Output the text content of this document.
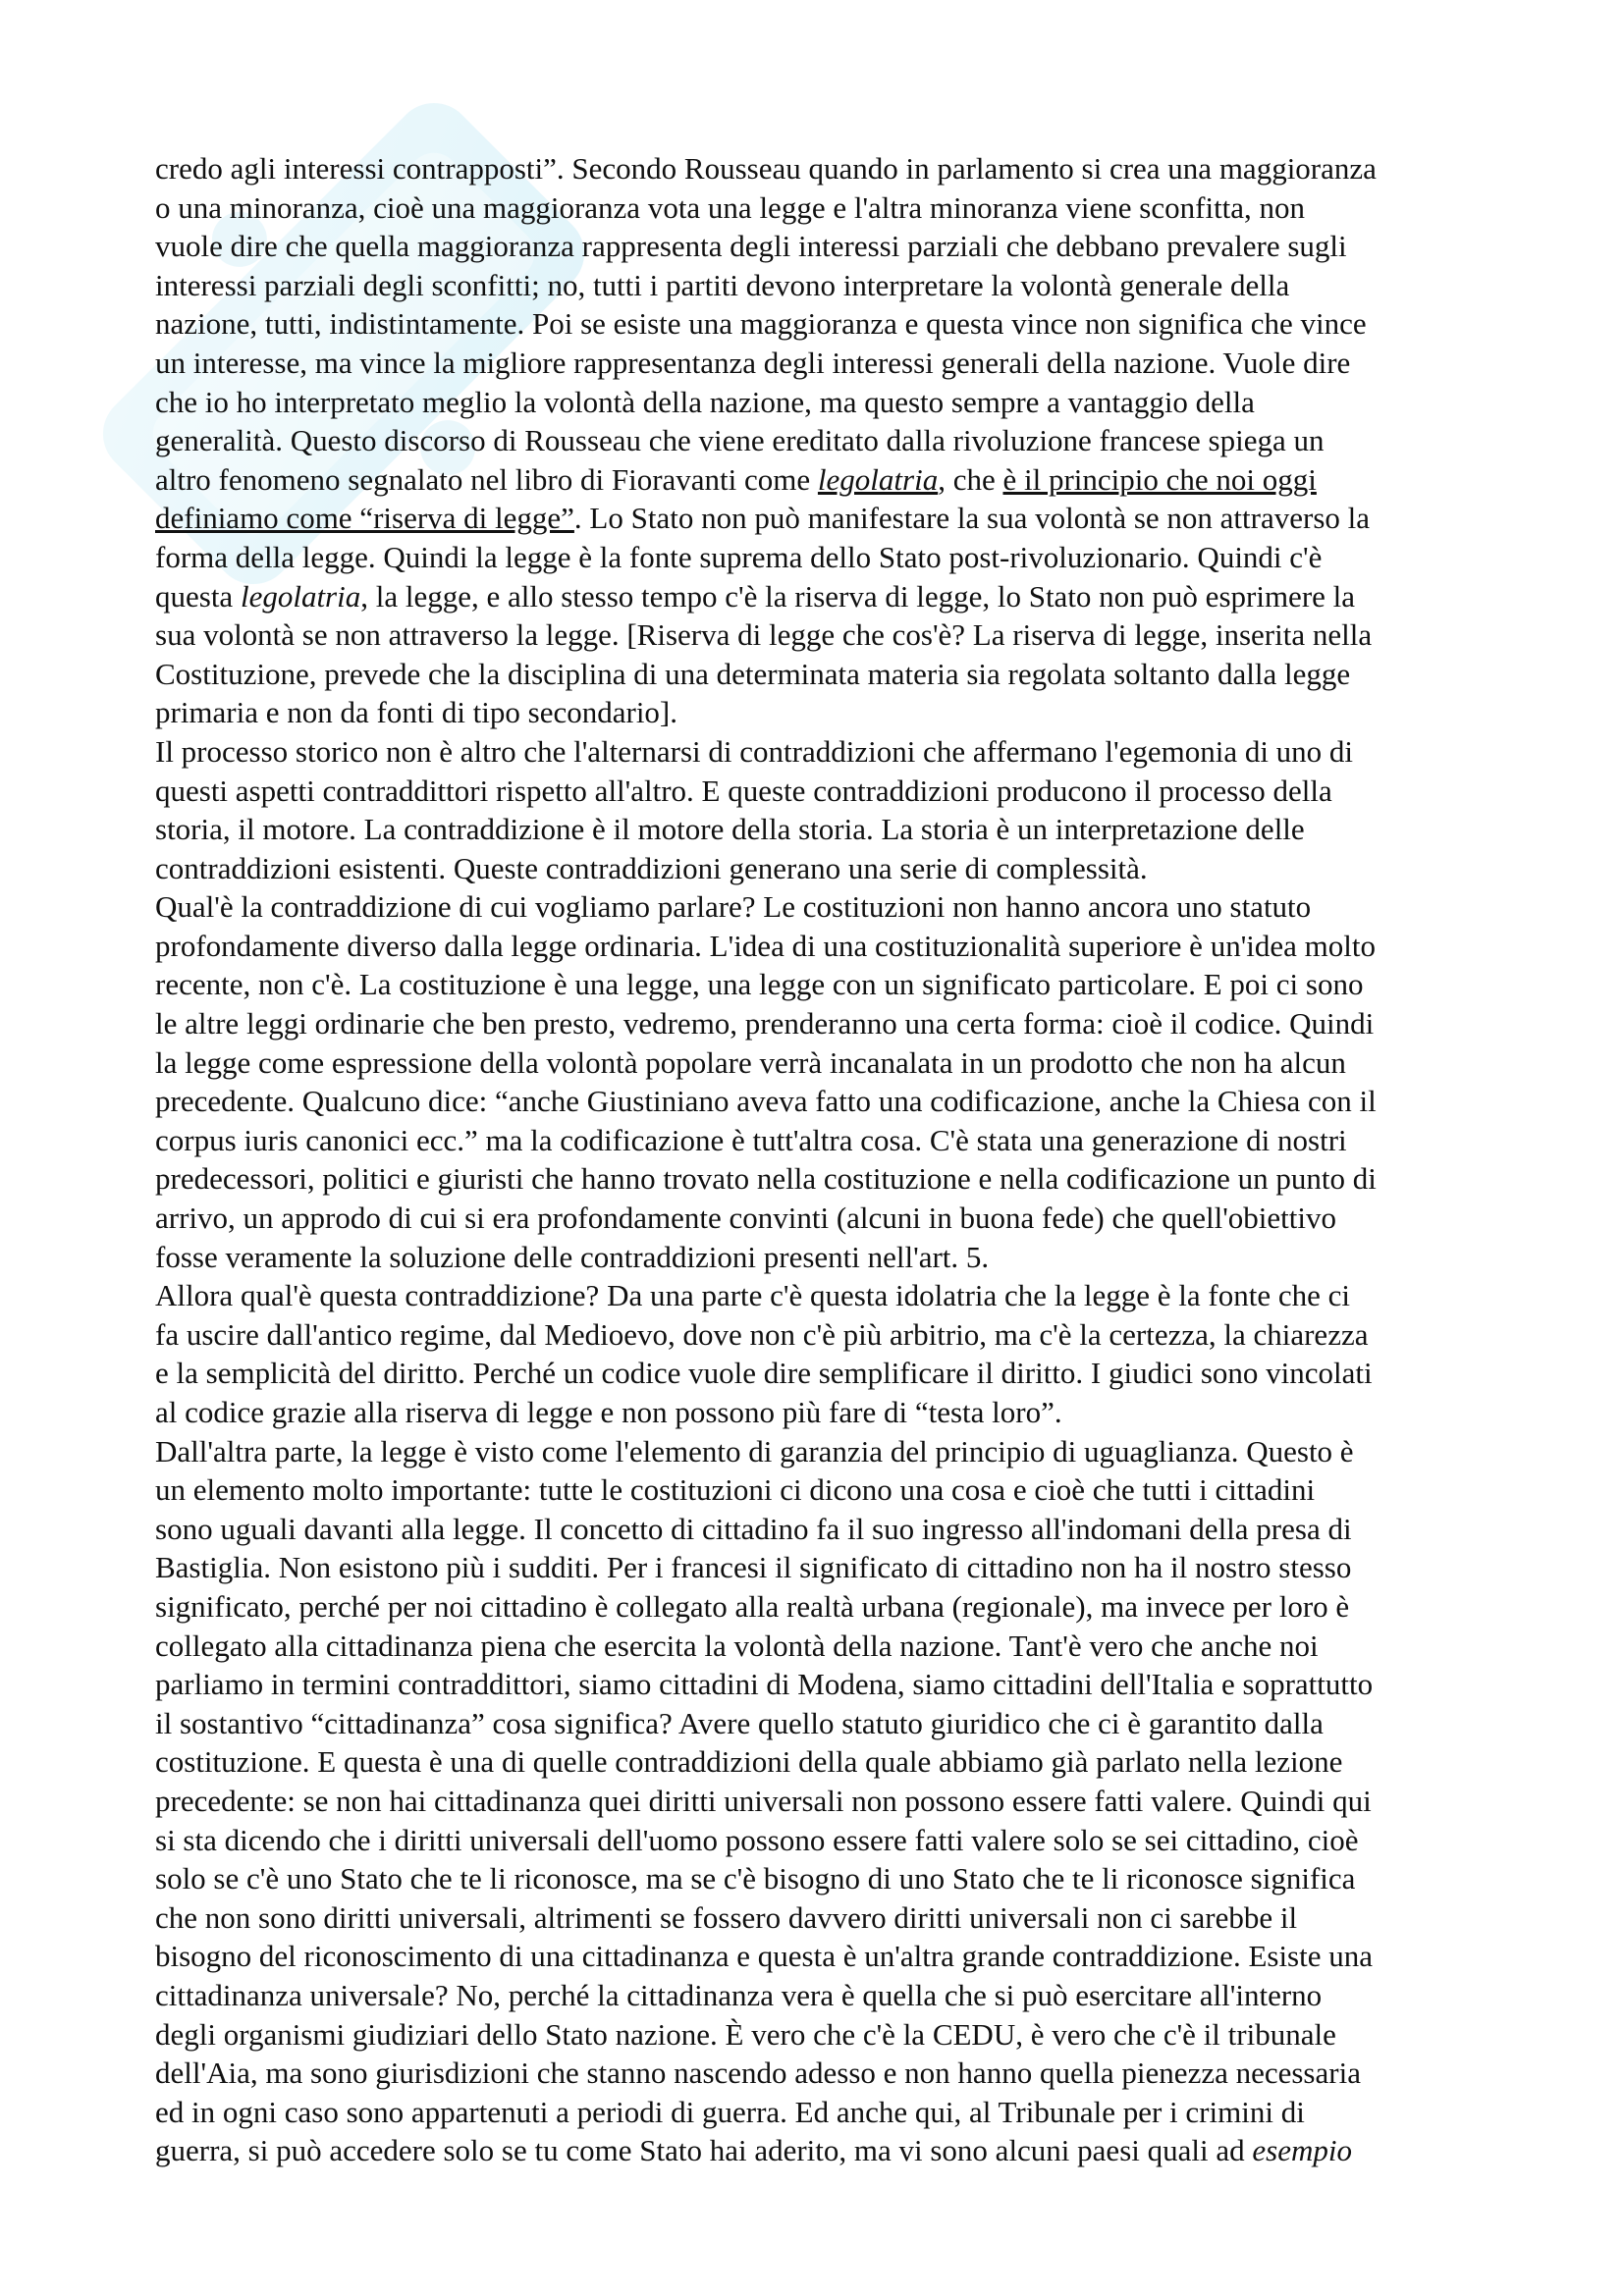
credo agli interessi contrapposti”. Secondo Rousseau quando in parlamento si crea una maggioranza
o una minoranza, cioè una maggioranza vota una legge e l'altra minoranza viene sconfitta, non
vuole dire che quella maggioranza rappresenta degli interessi parziali che debbano prevalere sugli
interessi parziali degli sconfitti; no, tutti i partiti devono interpretare la volontà generale della
nazione, tutti, indistintamente. Poi se esiste una maggioranza e questa vince non significa che vince
un interesse, ma vince la migliore rappresentanza degli interessi generali della nazione. Vuole dire
che io ho interpretato meglio la volontà della nazione, ma questo sempre a vantaggio della
generalità. Questo discorso di Rousseau che viene ereditato dalla rivoluzione francese spiega un
altro fenomeno segnalato nel libro di Fioravanti come legolatria, che è il principio che noi oggi
definiamo come “riserva di legge”. Lo Stato non può manifestare la sua volontà se non attraverso la
forma della legge. Quindi la legge è la fonte suprema dello Stato post-rivoluzionario. Quindi c'è
questa legolatria, la legge, e allo stesso tempo c'è la riserva di legge, lo Stato non può esprimere la
sua volontà se non attraverso la legge. [Riserva di legge che cos'è? La riserva di legge, inserita nella
Costituzione, prevede che la disciplina di una determinata materia sia regolata soltanto dalla legge
primaria e non da fonti di tipo secondario].
Il processo storico non è altro che l'alternarsi di contraddizioni che affermano l'egemonia di uno di
questi aspetti contraddittori rispetto all'altro. E queste contraddizioni producono il processo della
storia, il motore. La contraddizione è il motore della storia. La storia è un interpretazione delle
contraddizioni esistenti. Queste contraddizioni generano una serie di complessità.
Qual'è la contraddizione di cui vogliamo parlare? Le costituzioni non hanno ancora uno statuto
profondamente diverso dalla legge ordinaria. L'idea di una costituzionalità superiore è un'idea molto
recente, non c'è. La costituzione è una legge, una legge con un significato particolare. E poi ci sono
le altre leggi ordinarie che ben presto, vedremo, prenderanno una certa forma: cioè il codice. Quindi
la legge come espressione della volontà popolare verrà incanalata in un prodotto che non ha alcun
precedente. Qualcuno dice: “anche Giustiniano aveva fatto una codificazione, anche la Chiesa con il
corpus iuris canonici ecc.” ma la codificazione è tutt'altra cosa. C'è stata una generazione di nostri
predecessori, politici e giuristi che hanno trovato nella costituzione e nella codificazione un punto di
arrivo, un approdo di cui si era profondamente convinti (alcuni in buona fede) che quell'obiettivo
fosse veramente la soluzione delle contraddizioni presenti nell'art. 5.
Allora qual'è questa contraddizione? Da una parte c'è questa idolatria che la legge è la fonte che ci
fa uscire dall'antico regime, dal Medioevo, dove non c'è più arbitrio, ma c'è la certezza, la chiarezza
e la semplicità del diritto. Perché un codice vuole dire semplificare il diritto. I giudici sono vincolati
al codice grazie alla riserva di legge e non possono più fare di “testa loro”.
Dall'altra parte, la legge è visto come l'elemento di garanzia del principio di uguaglianza. Questo è
un elemento molto importante: tutte le costituzioni ci dicono una cosa e cioè che tutti i cittadini
sono uguali davanti alla legge. Il concetto di cittadino fa il suo ingresso all'indomani della presa di
Bastiglia. Non esistono più i sudditi. Per i francesi il significato di cittadino non ha il nostro stesso
significato, perché per noi cittadino è collegato alla realtà urbana (regionale), ma invece per loro è
collegato alla cittadinanza piena che esercita la volontà della nazione. Tant'è vero che anche noi
parliamo in termini contraddittori, siamo cittadini di Modena, siamo cittadini dell'Italia e soprattutto
il sostantivo “cittadinanza” cosa significa? Avere quello statuto giuridico che ci è garantito dalla
costituzione. E questa è una di quelle contraddizioni della quale abbiamo già parlato nella lezione
precedente: se non hai cittadinanza quei diritti universali non possono essere fatti valere. Quindi qui
si sta dicendo che i diritti universali dell'uomo possono essere fatti valere solo se sei cittadino, cioè
solo se c'è uno Stato che te li riconosce, ma se c'è bisogno di uno Stato che te li riconosce significa
che non sono diritti universali, altrimenti se fossero davvero diritti universali non ci sarebbe il
bisogno del riconoscimento di una cittadinanza e questa è un'altra grande contraddizione. Esiste una
cittadinanza universale? No, perché la cittadinanza vera è quella che si può esercitare all'interno
degli organismi giudiziari dello Stato nazione. È vero che c'è la CEDU, è vero che c'è il tribunale
dell'Aia, ma sono giurisdizioni che stanno nascendo adesso e non hanno quella pienezza necessaria
ed in ogni caso sono appartenuti a periodi di guerra. Ed anche qui, al Tribunale per i crimini di
guerra, si può accedere solo se tu come Stato hai aderito, ma vi sono alcuni paesi quali ad esempio
